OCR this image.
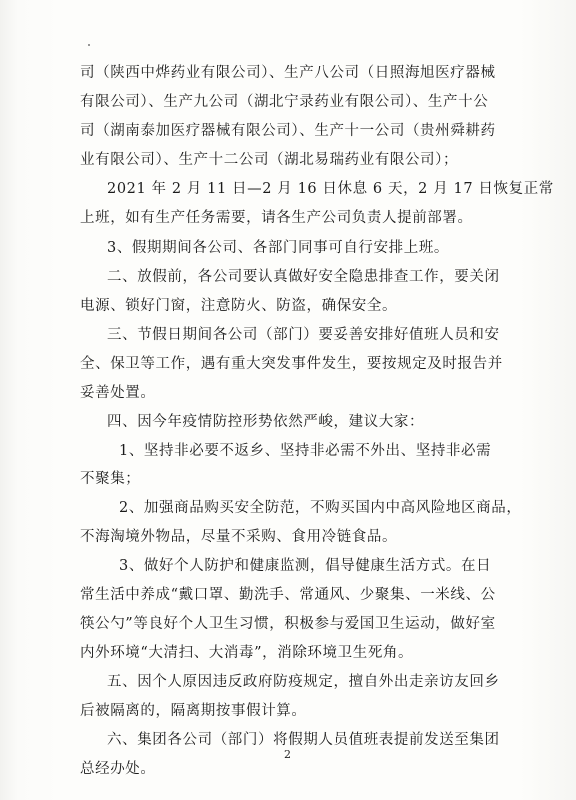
司（陕西中烨药业有限公司）、生产八公司（日照海旭医疗器械
有限公司）、生产九公司（湖北宁录药业有限公司）、生产十公
司（湖南泰加医疗器械有限公司）、生产十一公司（贵州舜耕药
业有限公司）、生产十二公司（湖北易瑞药业有限公司）；
2021 年 2 月 11 日—2 月 16 日休息 6 天，2 月 17 日恢复正常
上班，如有生产任务需要，请各生产公司负责人提前部署。
3、假期期间各公司、各部门同事可自行安排上班。
二、放假前，各公司要认真做好安全隐患排查工作，要关闭
电源、锁好门窗，注意防火、防盗，确保安全。
三、节假日期间各公司（部门）要妥善安排好值班人员和安
全、保卫等工作，遇有重大突发事件发生，要按规定及时报告并
妥善处置。
四、因今年疫情防控形势依然严峻，建议大家：
1、坚持非必要不返乡、坚持非必需不外出、坚持非必需
不聚集；
2、加强商品购买安全防范，不购买国内中高风险地区商品，
不海淘境外物品，尽量不采购、食用冷链食品。
3、做好个人防护和健康监测，倡导健康生活方式。在日
常生活中养成“戴口罩、勤洗手、常通风、少聚集、一米线、公
筷公勺”等良好个人卫生习惯，积极参与爱国卫生运动，做好室
内外环境“大清扫、大消毒”，消除环境卫生死角。
五、因个人原因违反政府防疫规定，擅自外出走亲访友回乡
后被隔离的，隔离期按事假计算。
六、集团各公司（部门）将假期人员值班表提前发送至集团
总经办处。
2
